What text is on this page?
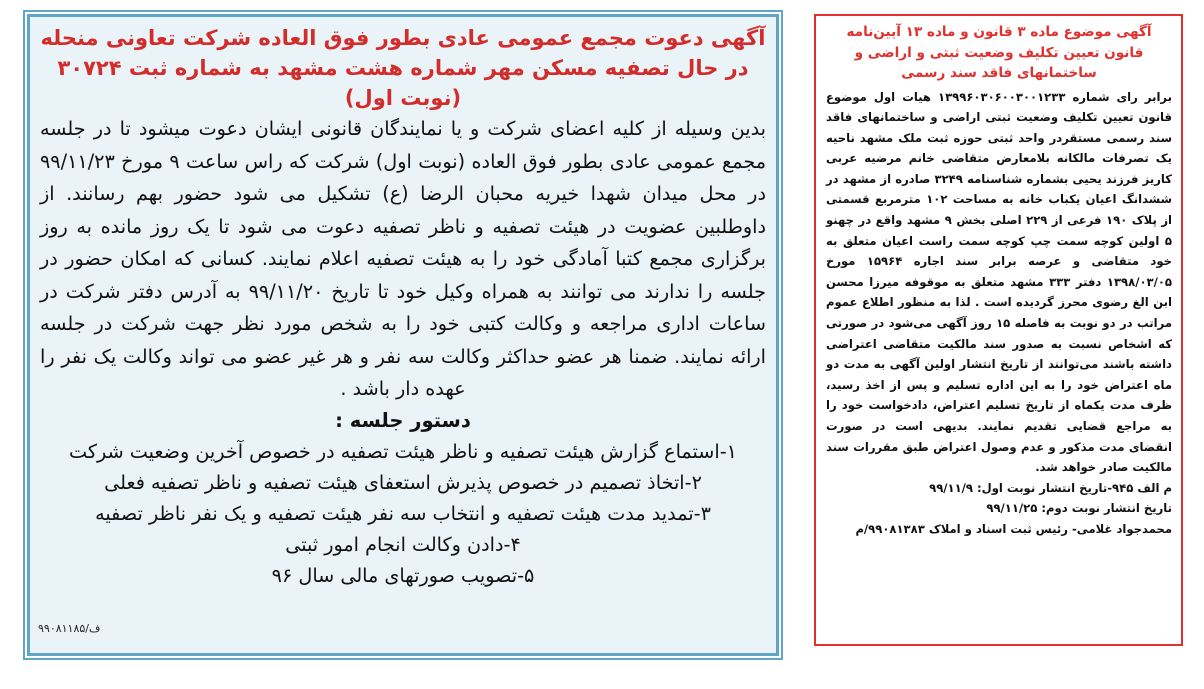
آگهی دعوت مجمع عمومی عادی بطور فوق العاده شرکت تعاونی منحله در حال تصفیه مسکن مهر شماره هشت مشهد به شماره ثبت ۳۰۷۲۴ (نوبت اول)

بدین وسیله از کلیه اعضای شرکت و یا نمایندگان قانونی ایشان دعوت میشود تا در جلسه مجمع عمومی عادی بطور فوق العاده (نوبت اول) شرکت که راس ساعت ۹ مورخ ۹۹/۱۱/۲۳ در محل میدان شهدا خیریه محبان الرضا (ع) تشکیل می شود حضور بهم رسانند. از داوطلبین عضویت در هیئت تصفیه و ناظر تصفیه دعوت می شود تا یک روز مانده به روز برگزاری مجمع کتبا آمادگی خود را به هیئت تصفیه اعلام نمایند. کسانی که امکان حضور در جلسه را ندارند می توانند به همراه وکیل خود تا تاریخ ۹۹/۱۱/۲۰ به آدرس دفتر شرکت در ساعات اداری مراجعه و وکالت کتبی خود را به شخص مورد نظر جهت شرکت در جلسه ارائه نمایند. ضمنا هر عضو حداکثر وکالت سه نفر و هر غیر عضو می تواند وکالت یک نفر را عهده دار باشد .

دستور جلسه :

۱-استماع گزارش هیئت تصفیه و ناظر هیئت تصفیه در خصوص آخرین وضعیت شرکت
۲-اتخاذ تصمیم در خصوص پذیرش استعفای هیئت تصفیه و ناظر تصفیه فعلی
۳-تمدید مدت هیئت تصفیه و انتخاب سه نفر هیئت تصفیه و یک نفر ناظر تصفیه
۴-دادن وکالت انجام امور ثبتی
۵-تصویب صورتهای مالی سال ۹۶
ف/۹۹۰۸۱۱۸۵

آگهی موضوع ماده ۳ قانون و ماده ۱۳ آیین‌نامه قانون تعیین تکلیف وضعیت ثبتی و اراضی و ساختمانهای فاقد سند رسمی

برابر رای شماره ۱۳۹۹۶۰۳۰۶۰۰۳۰۰۱۲۳۳ هیات اول موضوع قانون تعیین تکلیف وضعیت ثبتی اراضی و ساختمانهای فاقد سند رسمی مستقردر واحد ثبتی حوزه ثبت ملک مشهد ناحیه یک تصرفات مالکانه بلامعارض متقاضی خانم مرضیه عربی کاریز فرزند یحیی بشماره شناسنامه ۳۲۴۹ صادره از مشهد در ششدانگ اعیان یکباب خانه به مساحت ۱۰۲ مترمربع قسمتی از پلاک ۱۹۰ فرعی از ۲۲۹ اصلی بخش ۹ مشهد واقع در چهنو ۵ اولین کوچه سمت چپ کوچه سمت راست اعیان متعلق به خود متقاضی و عرصه برابر سند اجاره ۱۵۹۶۴ مورخ ۱۳۹۸/۰۳/۰۵ دفتر ۳۳۳ مشهد متعلق به موقوفه میرزا محسن ابن الغ رضوی محرز گردیده است . لذا به منظور اطلاع عموم مراتب در دو نوبت به فاصله ۱۵ روز آگهی می‌شود در صورتی که اشخاص نسبت به صدور سند مالکیت متقاضی اعتراضی داشته باشند می‌توانند از تاریخ انتشار اولین آگهی به مدت دو ماه اعتراض خود را به این اداره تسلیم و پس از اخذ رسید، ظرف مدت یکماه از تاریخ تسلیم اعتراض، دادخواست خود را به مراجع قضایی تقدیم نمایند. بدیهی است در صورت انقضای مدت مذکور و عدم وصول اعتراض طبق مقررات سند مالکیت صادر خواهد شد.

م الف ۹۴۵-تاریخ انتشار نوبت اول: ۹۹/۱۱/۹

تاریخ انتشار نوبت دوم: ۹۹/۱۱/۲۵

محمدجواد غلامی- رئیس ثبت اسناد و املاک ۹۹۰۸۱۳۸۳/م
